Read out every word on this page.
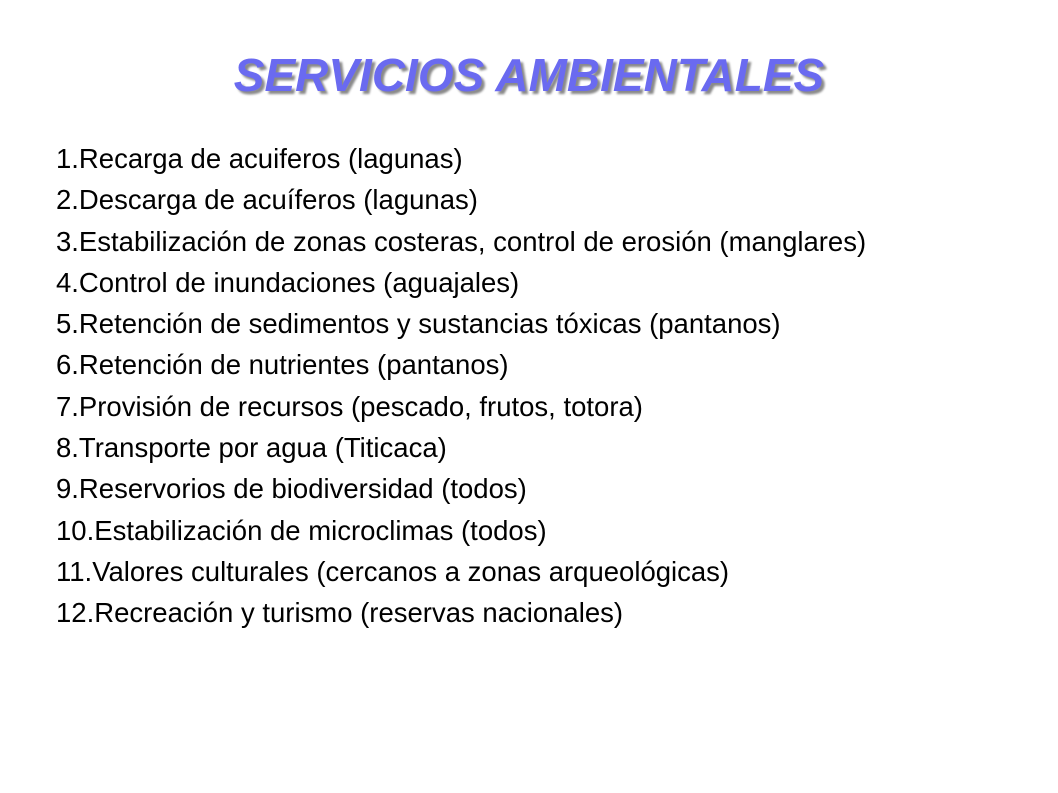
SERVICIOS AMBIENTALES
1.Recarga de acuiferos (lagunas)
2.Descarga de acuíferos (lagunas)
3.Estabilización de zonas costeras, control de erosión (manglares)
4.Control de inundaciones (aguajales)
5.Retención de sedimentos y sustancias tóxicas (pantanos)
6.Retención de nutrientes (pantanos)
7.Provisión de recursos (pescado, frutos, totora)
8.Transporte por agua (Titicaca)
9.Reservorios de biodiversidad (todos)
10.Estabilización de microclimas (todos)
11.Valores culturales (cercanos a zonas arqueológicas)
12.Recreación y turismo (reservas nacionales)
